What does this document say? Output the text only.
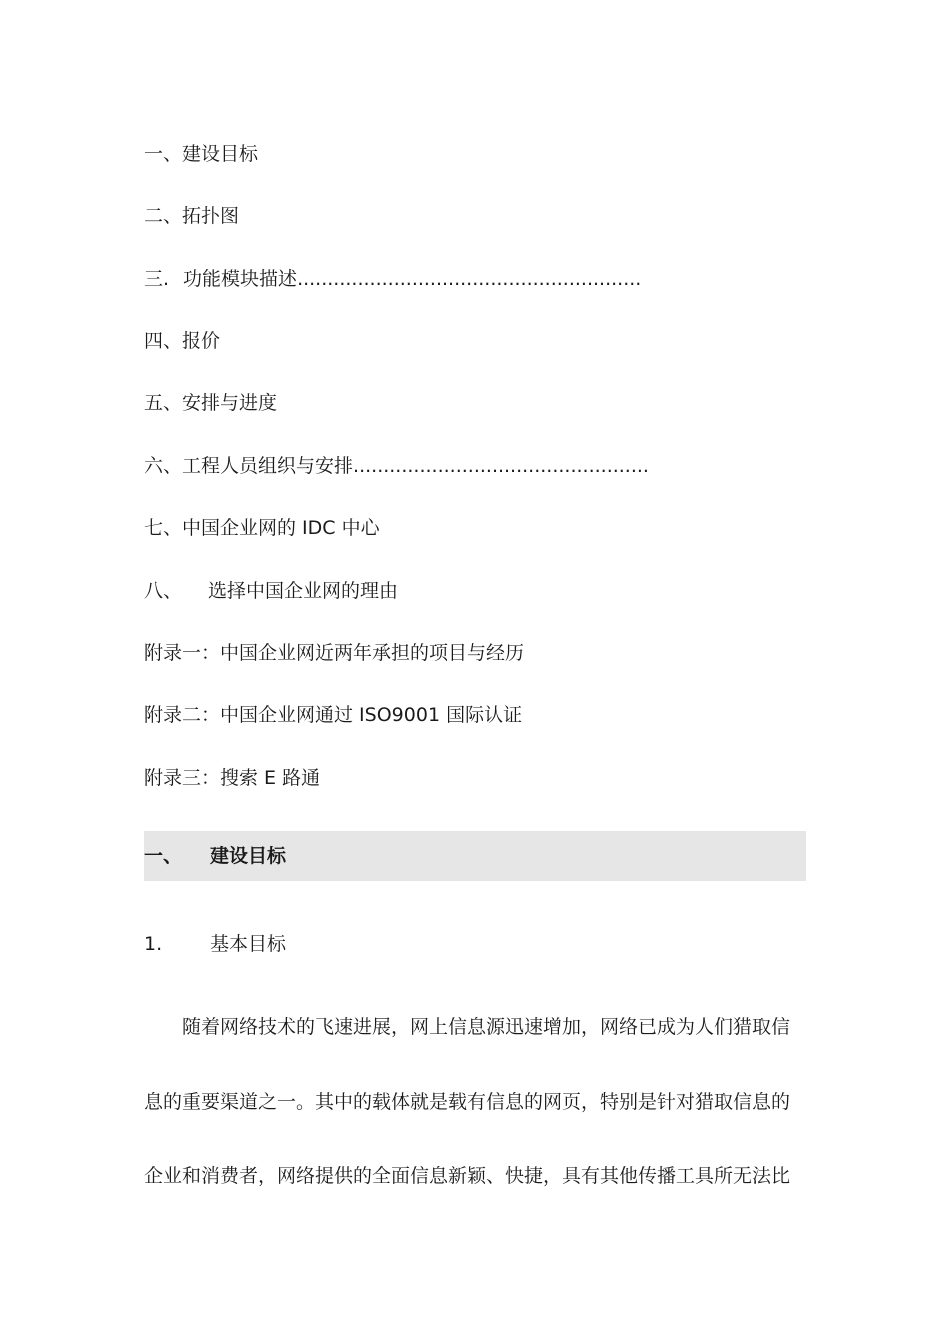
一、建设目标
二、拓扑图
三. 功能模块描述.........................................................
四、报价
五、安排与进度
六、工程人员组织与安排.................................................
七、中国企业网的 IDC 中心
八、 选择中国企业网的理由
附录一：中国企业网近两年承担的项目与经历
附录二：中国企业网通过 ISO9001 国际认证
附录三：搜索 E 路通
一、 建设目标
1.	基本目标
随着网络技术的飞速进展，网上信息源迅速增加，网络已成为人们猎取信
息的重要渠道之一。其中的载体就是载有信息的网页，特别是针对猎取信息的
企业和消费者，网络提供的全面信息新颖、快捷，具有其他传播工具所无法比
